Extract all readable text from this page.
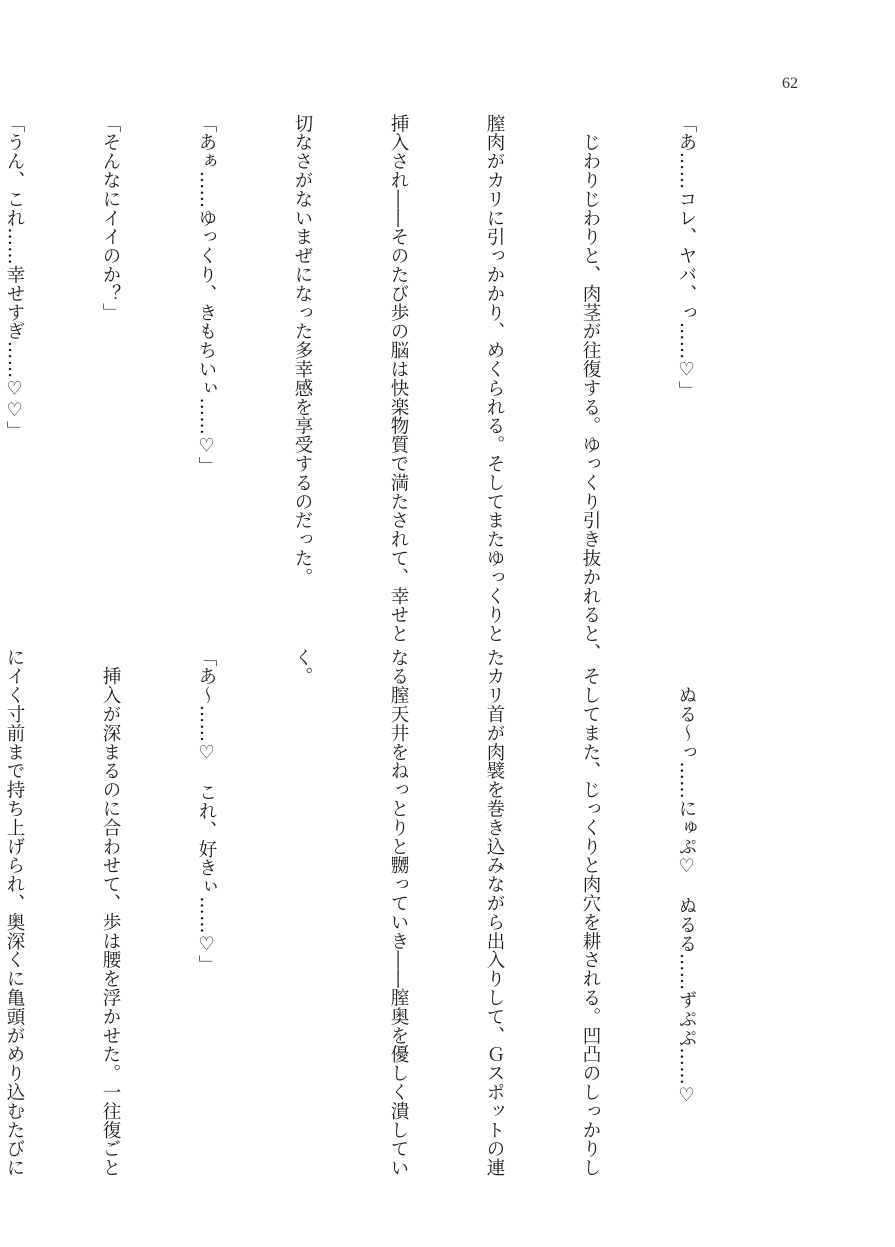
62

「あ……コレ、ヤバ、っ……♡」

　じわりじわりと、肉茎が往復する。ゆっくり引き抜かれると、

膣肉がカリに引っかかり、めくられる。そしてまたゆっくりと

挿入され――そのたび歩の脳は快楽物質で満たされて、幸せと

切なさがないまぜになった多幸感を享受するのだった。

「あぁ……ゆっくり、きもちいぃ……♡」

「そんなにイイのか？」

「うん、これ……幸せすぎ……♡♡」

　　ぬる～っ……にゅぷ♡　ぬるる……ずぷぷ……♡

　そしてまた、じっくりと肉穴を耕される。凹凸のしっかりし

たカリ首が肉襞を巻き込みながら出入りして、Ｇスポットの連

なる膣天井をねっとりと嬲っていき――膣奥を優しく潰してい

く。

「あ～……♡　これ、好きぃ……♡」

　挿入が深まるのに合わせて、歩は腰を浮かせた。一往復ごと

にイく寸前まで持ち上げられ、奥深くに亀頭がめり込むたびに
